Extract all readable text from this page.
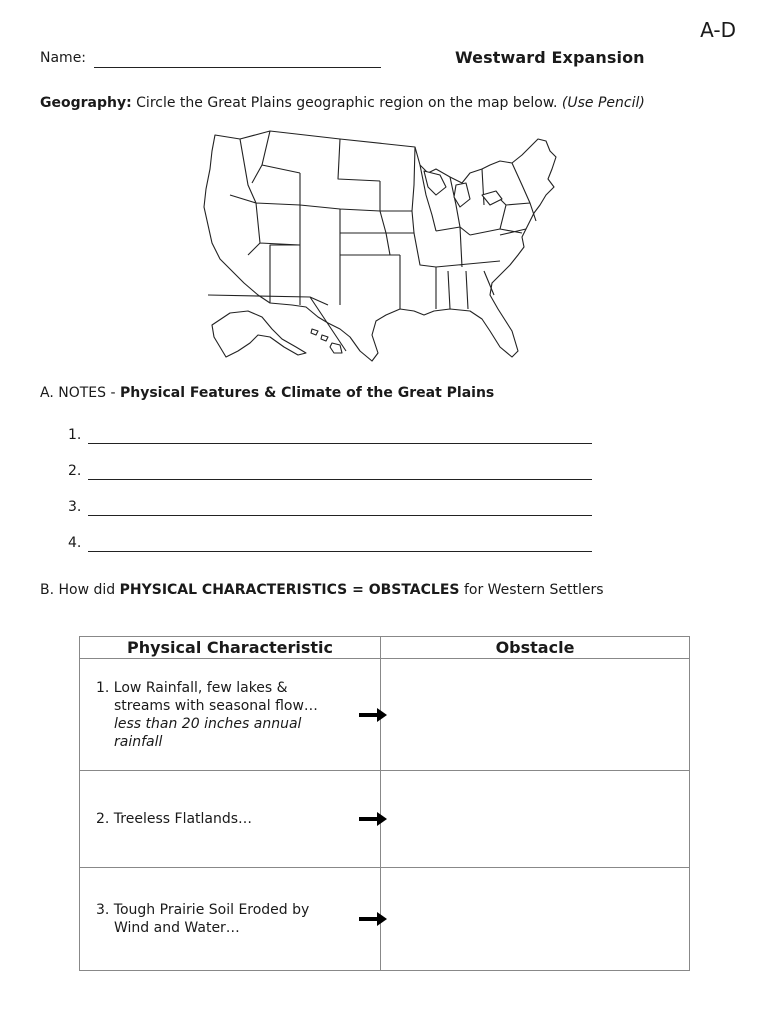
A-D
Name:	Westward Expansion
Geography: Circle the Great Plains geographic region on the map below. (Use Pencil)
A. NOTES - Physical Features & Climate of the Great Plains
1.
2.
3.
4.
B. How did PHYSICAL CHARACTERISTICS = OBSTACLES for Western Settlers
Physical Characteristic	Obstacle

1. Low Rainfall, few lakes &
streams with seasonal flow…
less than 20 inches annual
rainfall	

2. Treeless Flatlands…	

3. Tough Prairie Soil Eroded by
Wind and Water…	
